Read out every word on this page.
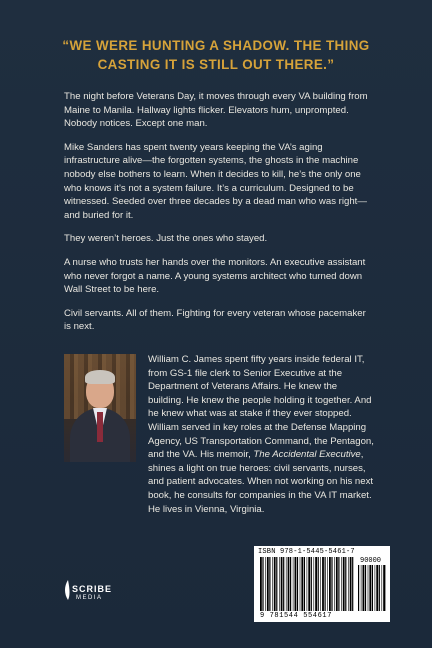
“WE WERE HUNTING A SHADOW. THE THING CASTING IT IS STILL OUT THERE.”

The night before Veterans Day, it moves through every VA building from Maine to Manila. Hallway lights flicker. Elevators hum, unprompted. Nobody notices. Except one man.

Mike Sanders has spent twenty years keeping the VA’s aging infrastructure alive—the forgotten systems, the ghosts in the machine nobody else bothers to learn. When it decides to kill, he’s the only one who knows it’s not a system failure. It’s a curriculum. Designed to be witnessed. Seeded over three decades by a dead man who was right—and buried for it.

They weren’t heroes. Just the ones who stayed.

A nurse who trusts her hands over the monitors. An executive assistant who never forgot a name. A young systems architect who turned down Wall Street to be here.

Civil servants. All of them. Fighting for every veteran whose pacemaker is next.

William C. James spent fifty years inside federal IT, from GS-1 file clerk to Senior Executive at the Department of Veterans Affairs. He knew the building. He knew the people holding it together. And he knew what was at stake if they ever stopped. William served in key roles at the Defense Mapping Agency, US Transportation Command, the Pentagon, and the VA. His memoir, The Accidental Executive, shines a light on true heroes: civil servants, nurses, and patient advocates. When not working on his next book, he consults for companies in the VA IT market. He lives in Vienna, Virginia.
SCRIBE
MEDIA
ISBN 978-1-5445-5461-7
90000
9 781544 554617
